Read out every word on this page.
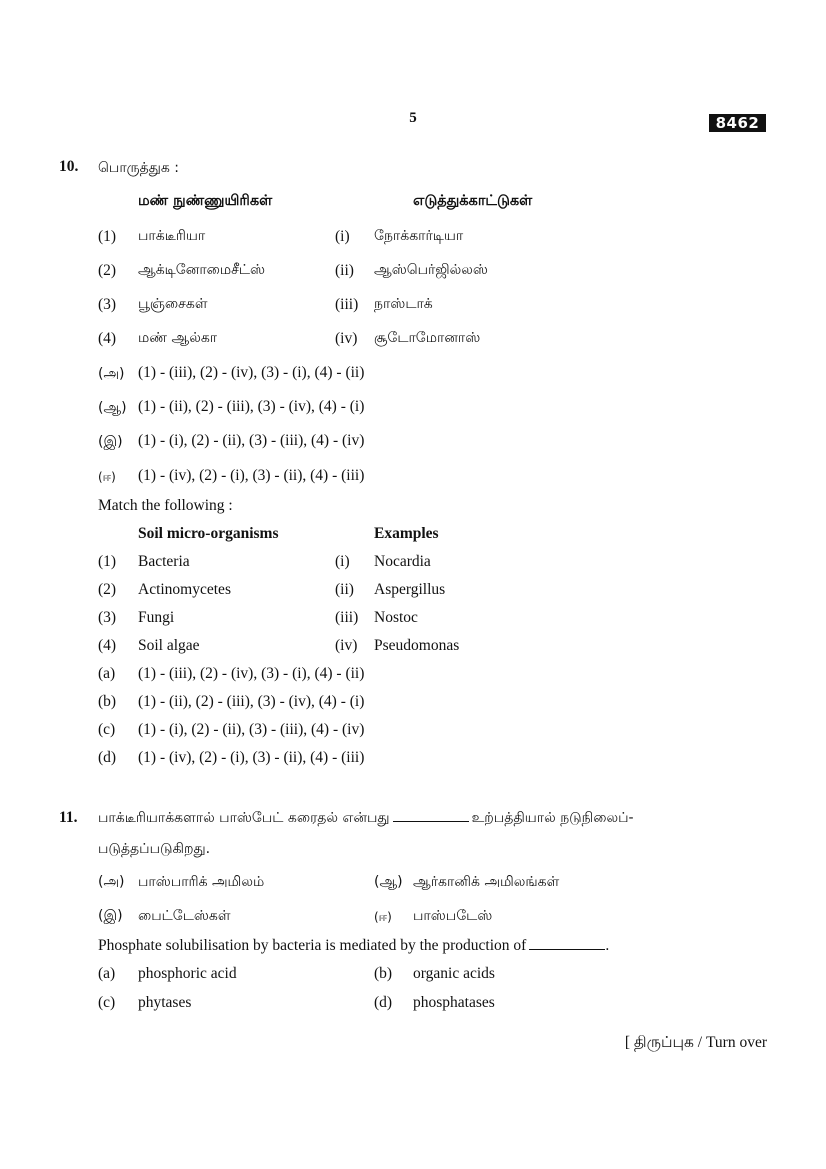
5	8462
10. பொருத்துக :
மண் நுண்ணுயிரிகள்	எடுத்துக்காட்டுகள்
(1) பாக்டீரியா	(i) நோக்கார்டியா
(2) ஆக்டினோமைசீட்ஸ்	(ii) ஆஸ்பெர்ஜில்லஸ்
(3) பூஞ்சைகள்	(iii) நாஸ்டாக்
(4) மண் ஆல்கா	(iv) சூடோமோனாஸ்
(அ) (1) - (iii), (2) - (iv), (3) - (i), (4) - (ii)
(ஆ) (1) - (ii), (2) - (iii), (3) - (iv), (4) - (i)
(இ) (1) - (i), (2) - (ii), (3) - (iii), (4) - (iv)
(ஈ) (1) - (iv), (2) - (i), (3) - (ii), (4) - (iii)
Match the following :
Soil micro-organisms	Examples
(1) Bacteria	(i) Nocardia
(2) Actinomycetes	(ii) Aspergillus
(3) Fungi	(iii) Nostoc
(4) Soil algae	(iv) Pseudomonas
(a) (1) - (iii), (2) - (iv), (3) - (i), (4) - (ii)
(b) (1) - (ii), (2) - (iii), (3) - (iv), (4) - (i)
(c) (1) - (i), (2) - (ii), (3) - (iii), (4) - (iv)
(d) (1) - (iv), (2) - (i), (3) - (ii), (4) - (iii)
11. பாக்டீரியாக்களால் பாஸ்பேட் கரைதல் என்பது	உற்பத்தியால் நடுநிலைப்-
படுத்தப்படுகிறது.
(அ) பாஸ்பாரிக் அமிலம்	(ஆ) ஆர்கானிக் அமிலங்கள்
(இ) பைட்டேஸ்கள்	(ஈ) பாஸ்படேஸ்
Phosphate solubilisation by bacteria is mediated by the production of	.
(a) phosphoric acid	(b) organic acids
(c) phytases	(d) phosphatases
[ திருப்புக / Turn over
